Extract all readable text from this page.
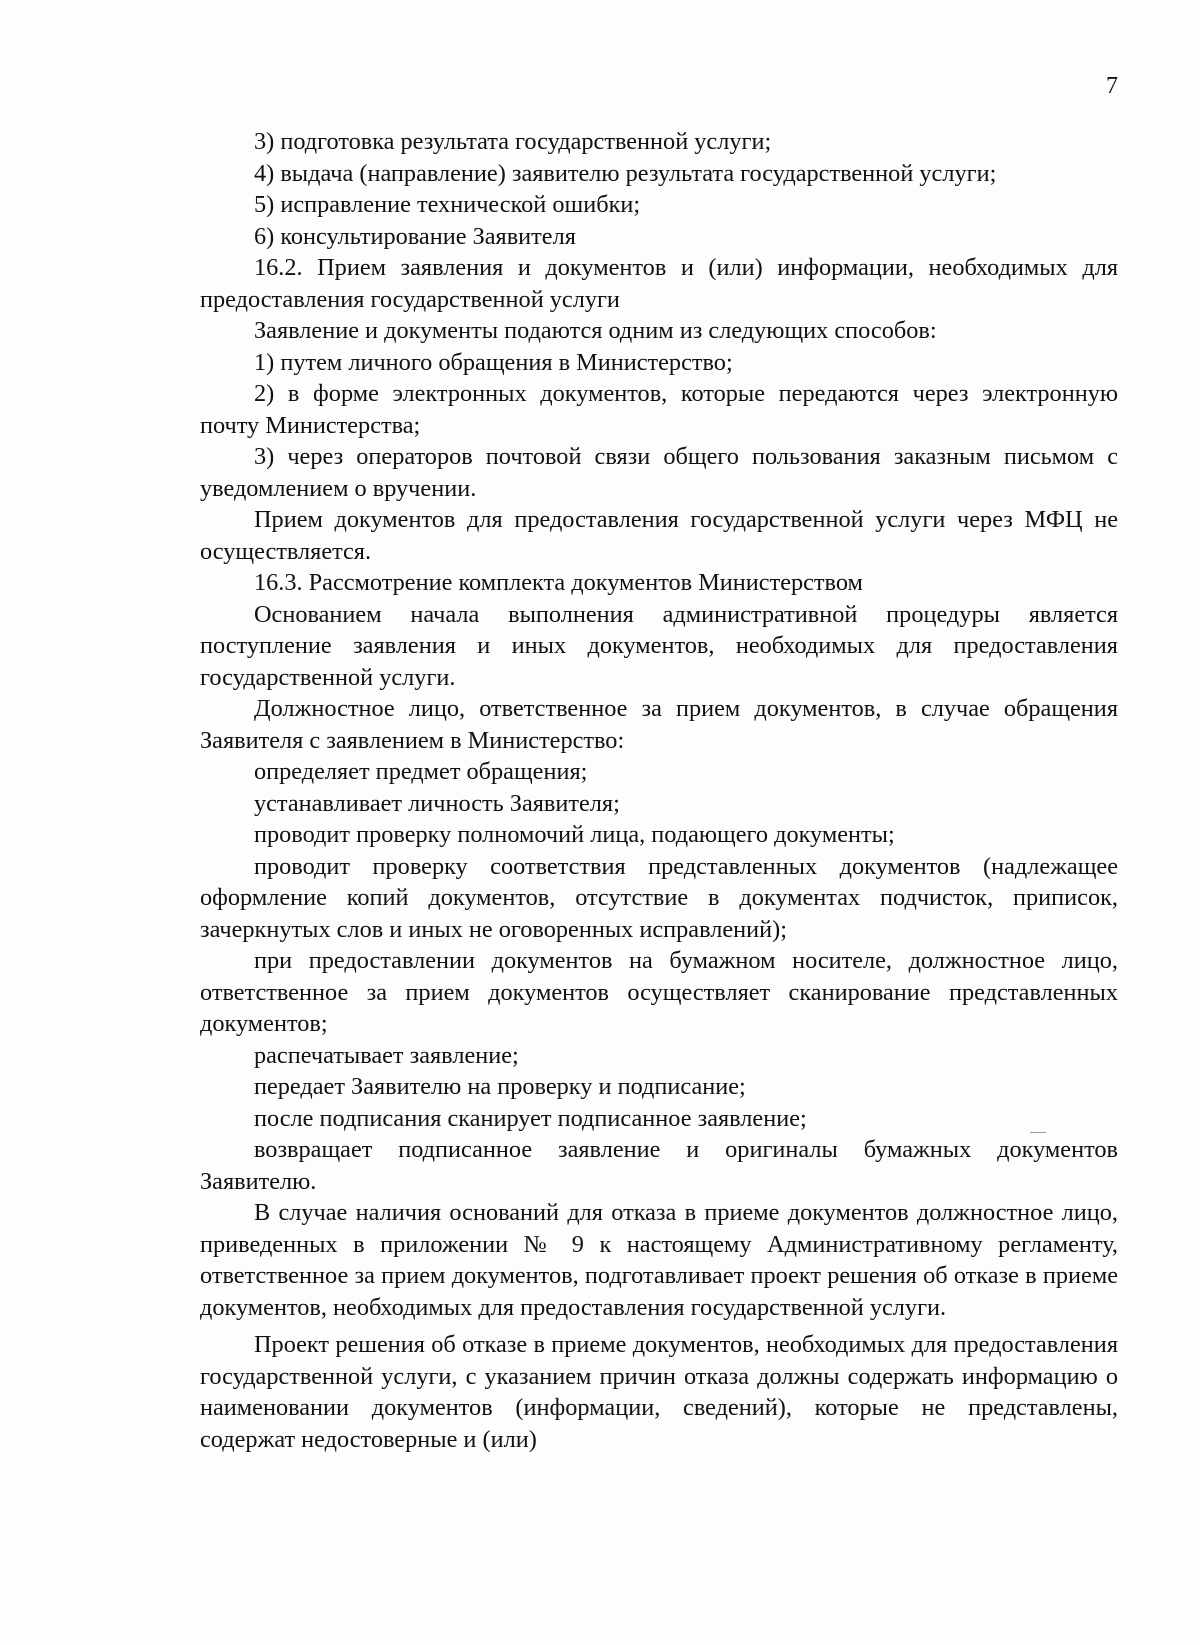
7

3) подготовка результата государственной услуги;

4) выдача (направление) заявителю результата государственной услуги;

5) исправление технической ошибки;

6) консультирование Заявителя

16.2. Прием заявления и документов и (или) информации, необходимых для предоставления государственной услуги

Заявление и документы подаются одним из следующих способов:

1) путем личного обращения в Министерство;

2) в форме электронных документов, которые передаются через электронную почту Министерства;

3) через операторов почтовой связи общего пользования заказным письмом с уведомлением о вручении.

Прием документов для предоставления государственной услуги через МФЦ не осуществляется.

16.3. Рассмотрение комплекта документов Министерством

Основанием начала выполнения административной процедуры является поступление заявления и иных документов, необходимых для предоставления государственной услуги.

Должностное лицо, ответственное за прием документов, в случае обращения Заявителя с заявлением в Министерство:

определяет предмет обращения;

устанавливает личность Заявителя;

проводит проверку полномочий лица, подающего документы;

проводит проверку соответствия представленных документов (надлежащее оформление копий документов, отсутствие в документах подчисток, приписок, зачеркнутых слов и иных не оговоренных исправлений);

при предоставлении документов на бумажном носителе, должностное лицо, ответственное за прием документов осуществляет сканирование представленных документов;

распечатывает заявление;

передает Заявителю на проверку и подписание;

после подписания сканирует подписанное заявление;

возвращает подписанное заявление и оригиналы бумажных документов Заявителю.

В случае наличия оснований для отказа в приеме документов должностное лицо, приведенных в приложении № 9 к настоящему Административному регламенту, ответственное за прием документов, подготавливает проект решения об отказе в приеме документов, необходимых для предоставления государственной услуги.

Проект решения об отказе в приеме документов, необходимых для предоставления государственной услуги, с указанием причин отказа должны содержать информацию о наименовании документов (информации, сведений), которые не представлены, содержат недостоверные и (или)
